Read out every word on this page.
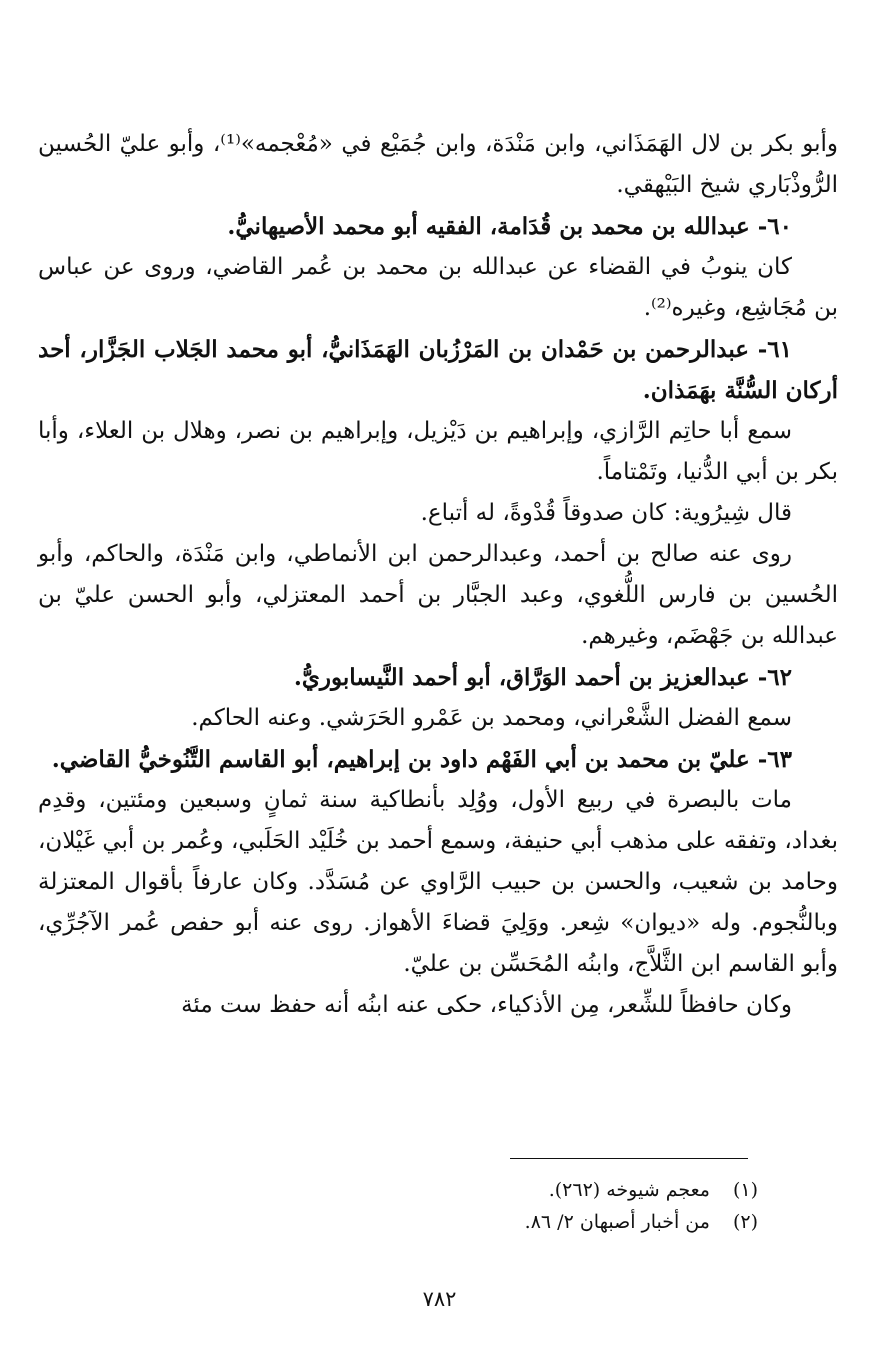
وأبو بكر بن لال الهَمَذَاني، وابن مَنْدَة، وابن جُمَيْع في «مُعْجمه»⁽¹⁾، وأبو عليّ الحُسين الرُّوذْبَاري شيخ البَيْهقي.

٦٠- عبدالله بن محمد بن قُدَامة، الفقيه أبو محمد الأصيهانيُّ.

كان ينوبُ في القضاء عن عبدالله بن محمد بن عُمر القاضي، وروى عن عباس بن مُجَاشِع، وغيره⁽²⁾.

٦١- عبدالرحمن بن حَمْدان بن المَرْزُبان الهَمَذَانيُّ، أبو محمد الجَلاب الجَزَّار، أحد أركان السُّنَّة بهَمَذان.

سمع أبا حاتِم الرَّازي، وإبراهيم بن دَيْزيل، وإبراهيم بن نصر، وهلال بن العلاء، وأبا بكر بن أبي الدُّنيا، وتَمْتاماً.

قال شِيرُوية: كان صدوقاً قُدْوةً، له أتباع.

روى عنه صالح بن أحمد، وعبدالرحمن ابن الأنماطي، وابن مَنْدَة، والحاكم، وأبو الحُسين بن فارس اللُّغوي، وعبد الجبَّار بن أحمد المعتزلي، وأبو الحسن عليّ بن عبدالله بن جَهْضَم، وغيرهم.

٦٢- عبدالعزيز بن أحمد الوَرَّاق، أبو أحمد النَّيسابوريُّ.

سمع الفضل الشَّعْراني، ومحمد بن عَمْرو الحَرَشي. وعنه الحاكم.

٦٣- عليّ بن محمد بن أبي الفَهْم داود بن إبراهيم، أبو القاسم التَّنُوخيُّ القاضي.

مات بالبصرة في ربيع الأول، ووُلِد بأنطاكية سنة ثمانٍ وسبعين ومئتين، وقدِم بغداد، وتفقه على مذهب أبي حنيفة، وسمع أحمد بن خُلَيْد الحَلَبي، وعُمر بن أبي غَيْلان، وحامد بن شعيب، والحسن بن حبيب الرَّاوي عن مُسَدَّد. وكان عارفاً بأقوال المعتزلة وبالنُّجوم. وله «ديوان» شِعر. ووَلِيَ قضاءَ الأهواز. روى عنه أبو حفص عُمر الآجُرِّي، وأبو القاسم ابن الثَّلاَّج، وابنُه المُحَسِّن بن عليّ.

وكان حافظاً للشِّعر، مِن الأذكياء، حكى عنه ابنُه أنه حفظ ست مئة

(١) معجم شيوخه (٢٦٢).
(٢) من أخبار أصبهان ٢/ ٨٦.
٧٨٢
